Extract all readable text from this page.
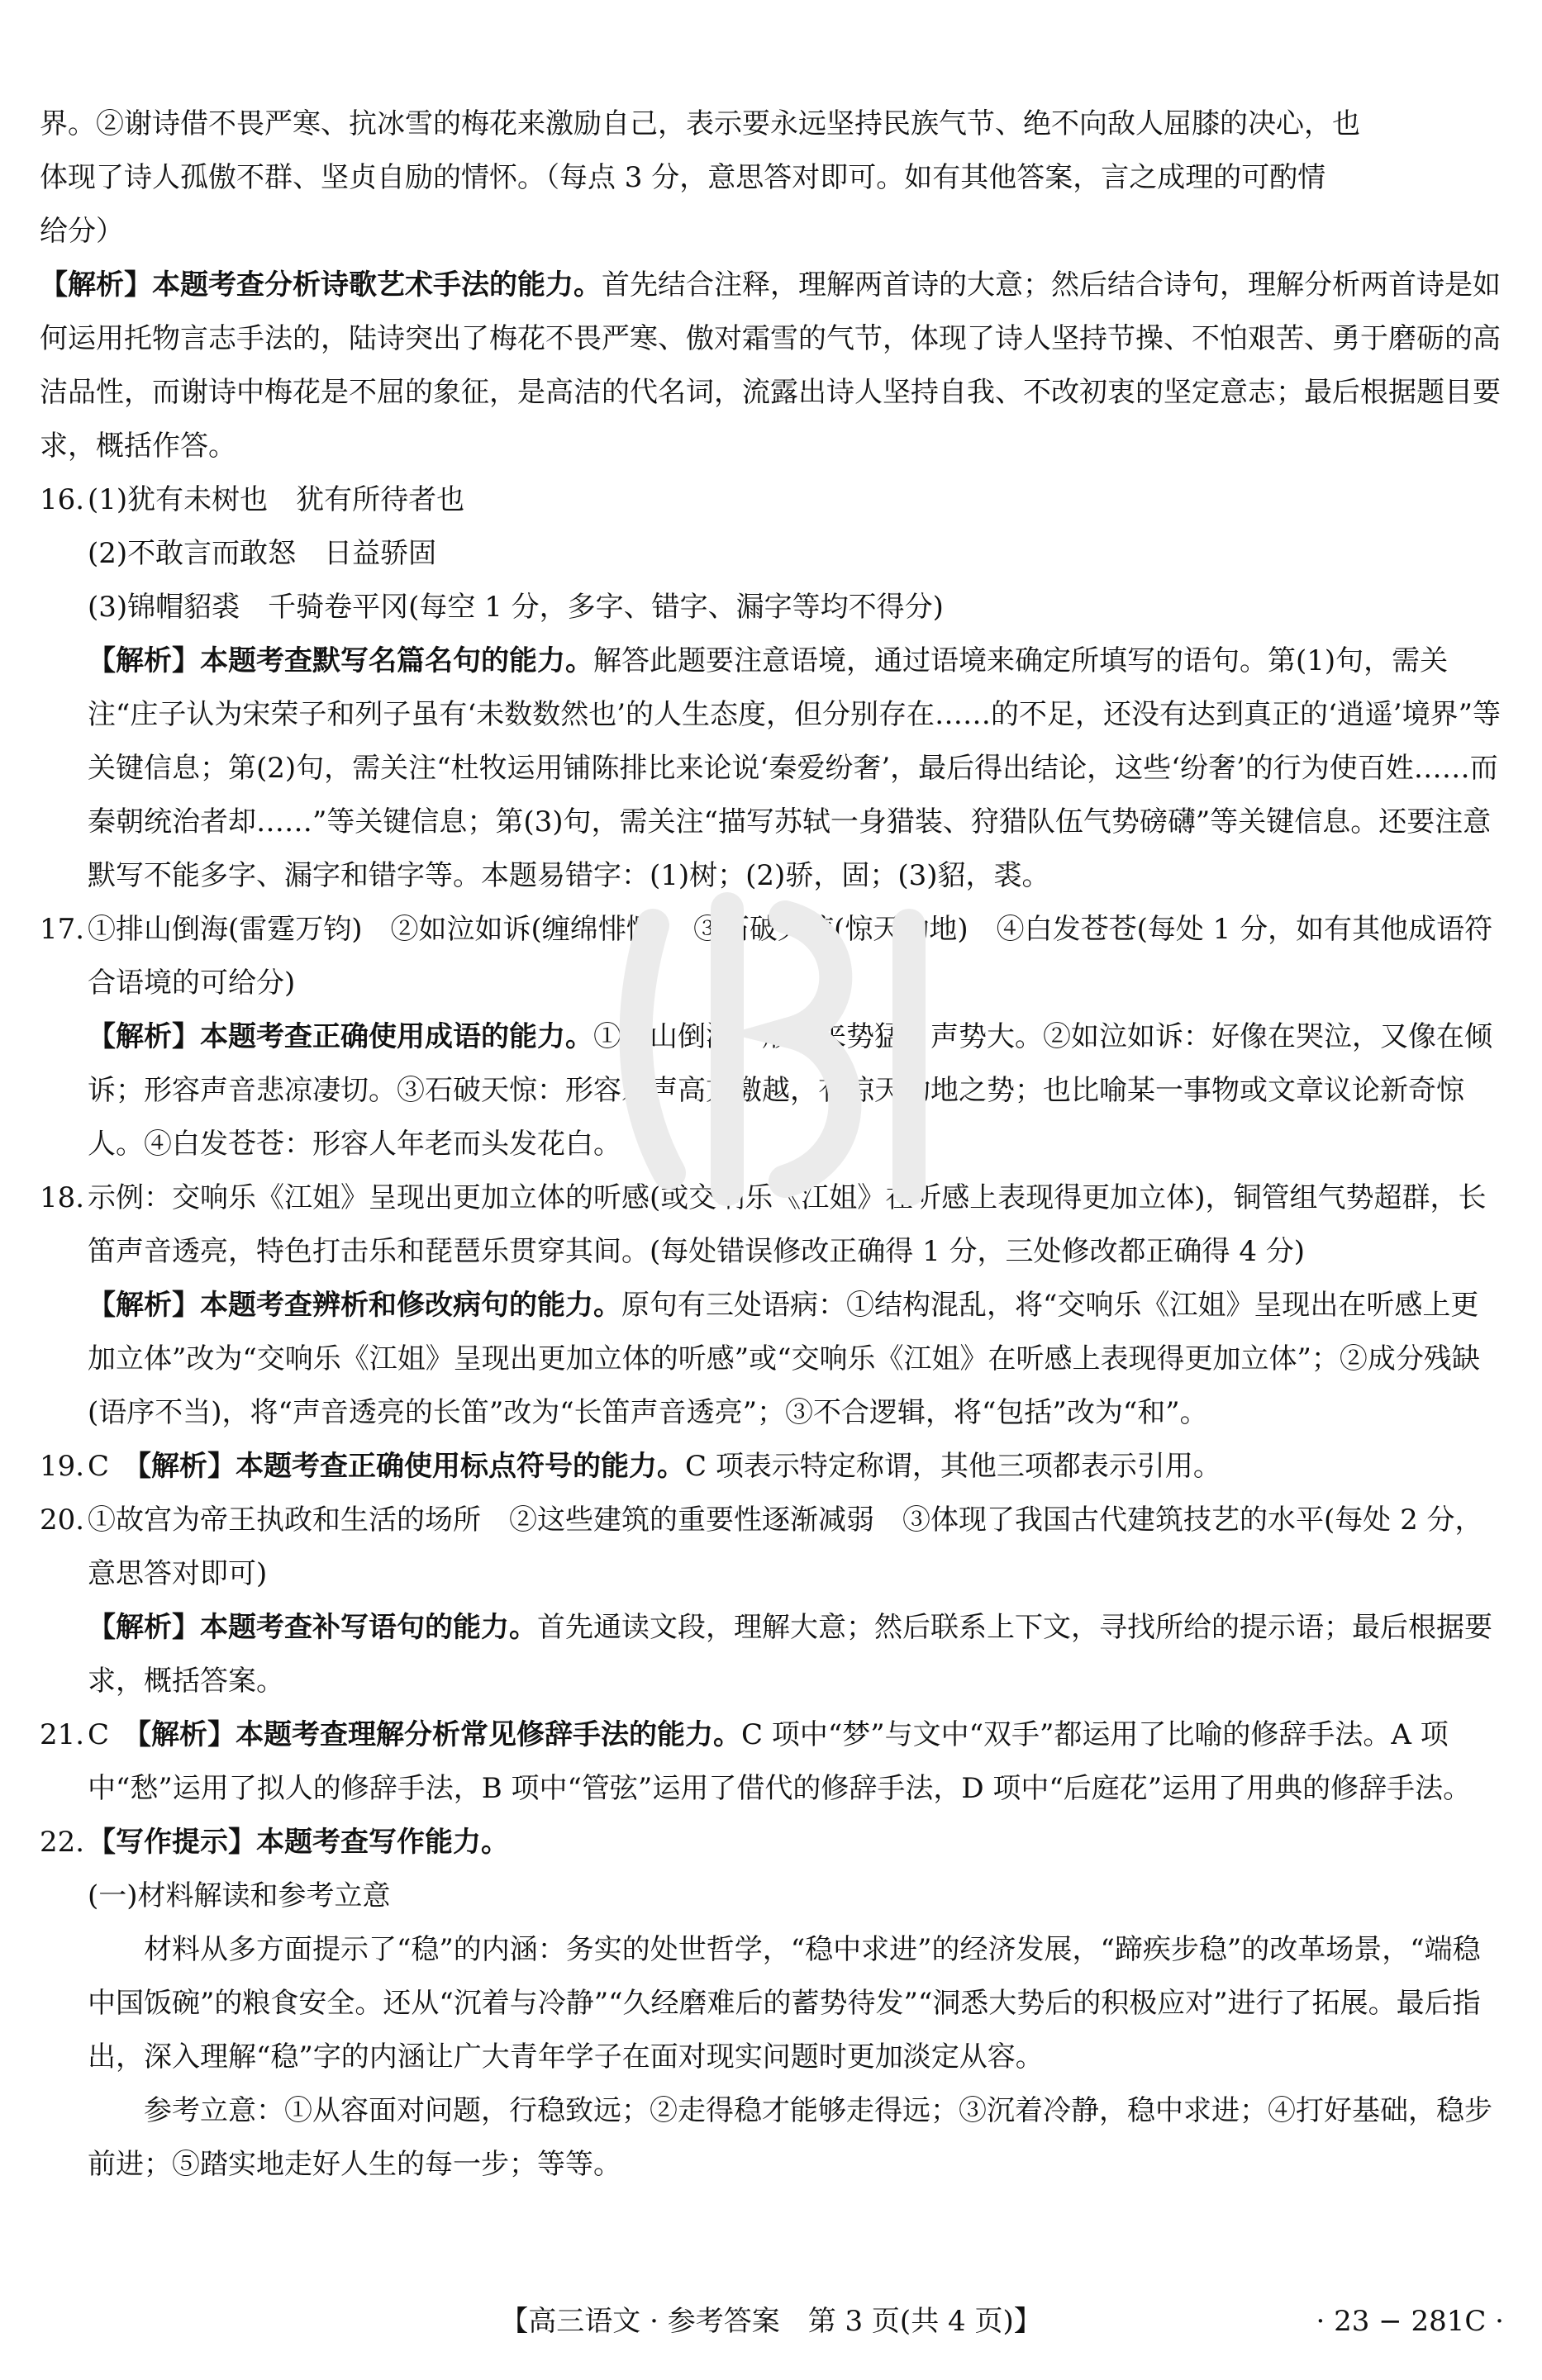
界。②谢诗借不畏严寒、抗冰雪的梅花来激励自己，表示要永远坚持民族气节、绝不向敌人屈膝的决心，也

体现了诗人孤傲不群、坚贞自励的情怀。（每点 3 分，意思答对即可。如有其他答案，言之成理的可酌情

给分）

【解析】本题考查分析诗歌艺术手法的能力。首先结合注释，理解两首诗的大意；然后结合诗句，理解分析两首诗是如何运用托物言志手法的，陆诗突出了梅花不畏严寒、傲对霜雪的气节，体现了诗人坚持节操、不怕艰苦、勇于磨砺的高洁品性，而谢诗中梅花是不屈的象征，是高洁的代名词，流露出诗人坚持自我、不改初衷的坚定意志；最后根据题目要求，概括作答。

16. (1)犹有未树也　犹有所待者也

(2)不敢言而敢怒　日益骄固

(3)锦帽貂裘　千骑卷平冈(每空 1 分，多字、错字、漏字等均不得分)

【解析】本题考查默写名篇名句的能力。解答此题要注意语境，通过语境来确定所填写的语句。第(1)句，需关注“庄子认为宋荣子和列子虽有‘未数数然也’的人生态度，但分别存在……的不足，还没有达到真正的‘逍遥’境界”等关键信息；第(2)句，需关注“杜牧运用铺陈排比来论说‘秦爱纷奢’，最后得出结论，这些‘纷奢’的行为使百姓……而秦朝统治者却……”等关键信息；第(3)句，需关注“描写苏轼一身猎装、狩猎队伍气势磅礴”等关键信息。还要注意默写不能多字、漏字和错字等。本题易错字：(1)树；(2)骄，固；(3)貂，裘。

17. ①排山倒海(雷霆万钧)　②如泣如诉(缠绵悱恻)　③石破天惊(惊天动地)　④白发苍苍(每处 1 分，如有其他成语符合语境的可给分)

【解析】本题考查正确使用成语的能力。①排山倒海：形容来势猛，声势大。②如泣如诉：好像在哭泣，又像在倾诉；形容声音悲凉凄切。③石破天惊：形容乐声高亢激越，有惊天动地之势；也比喻某一事物或文章议论新奇惊人。④白发苍苍：形容人年老而头发花白。

18. 示例：交响乐《江姐》呈现出更加立体的听感(或交响乐《江姐》在听感上表现得更加立体)，铜管组气势超群，长笛声音透亮，特色打击乐和琵琶乐贯穿其间。(每处错误修改正确得 1 分，三处修改都正确得 4 分)

【解析】本题考查辨析和修改病句的能力。原句有三处语病：①结构混乱，将“交响乐《江姐》呈现出在听感上更加立体”改为“交响乐《江姐》呈现出更加立体的听感”或“交响乐《江姐》在听感上表现得更加立体”；②成分残缺(语序不当)，将“声音透亮的长笛”改为“长笛声音透亮”；③不合逻辑，将“包括”改为“和”。

19. C　【解析】本题考查正确使用标点符号的能力。C 项表示特定称谓，其他三项都表示引用。

20. ①故宫为帝王执政和生活的场所　②这些建筑的重要性逐渐减弱　③体现了我国古代建筑技艺的水平(每处 2 分，意思答对即可)

【解析】本题考查补写语句的能力。首先通读文段，理解大意；然后联系上下文，寻找所给的提示语；最后根据要求，概括答案。

21. C　【解析】本题考查理解分析常见修辞手法的能力。C 项中“梦”与文中“双手”都运用了比喻的修辞手法。A 项中“愁”运用了拟人的修辞手法，B 项中“管弦”运用了借代的修辞手法，D 项中“后庭花”运用了用典的修辞手法。

22. 【写作提示】本题考查写作能力。

(一)材料解读和参考立意

材料从多方面提示了“稳”的内涵：务实的处世哲学，“稳中求进”的经济发展，“蹄疾步稳”的改革场景，“端稳中国饭碗”的粮食安全。还从“沉着与冷静”“久经磨难后的蓄势待发”“洞悉大势后的积极应对”进行了拓展。最后指出，深入理解“稳”字的内涵让广大青年学子在面对现实问题时更加淡定从容。

参考立意：①从容面对问题，行稳致远；②走得稳才能够走得远；③沉着冷静，稳中求进；④打好基础，稳步前进；⑤踏实地走好人生的每一步；等等。

【高三语文 · 参考答案　第 3 页(共 4 页)】	· 23 − 281C ·
